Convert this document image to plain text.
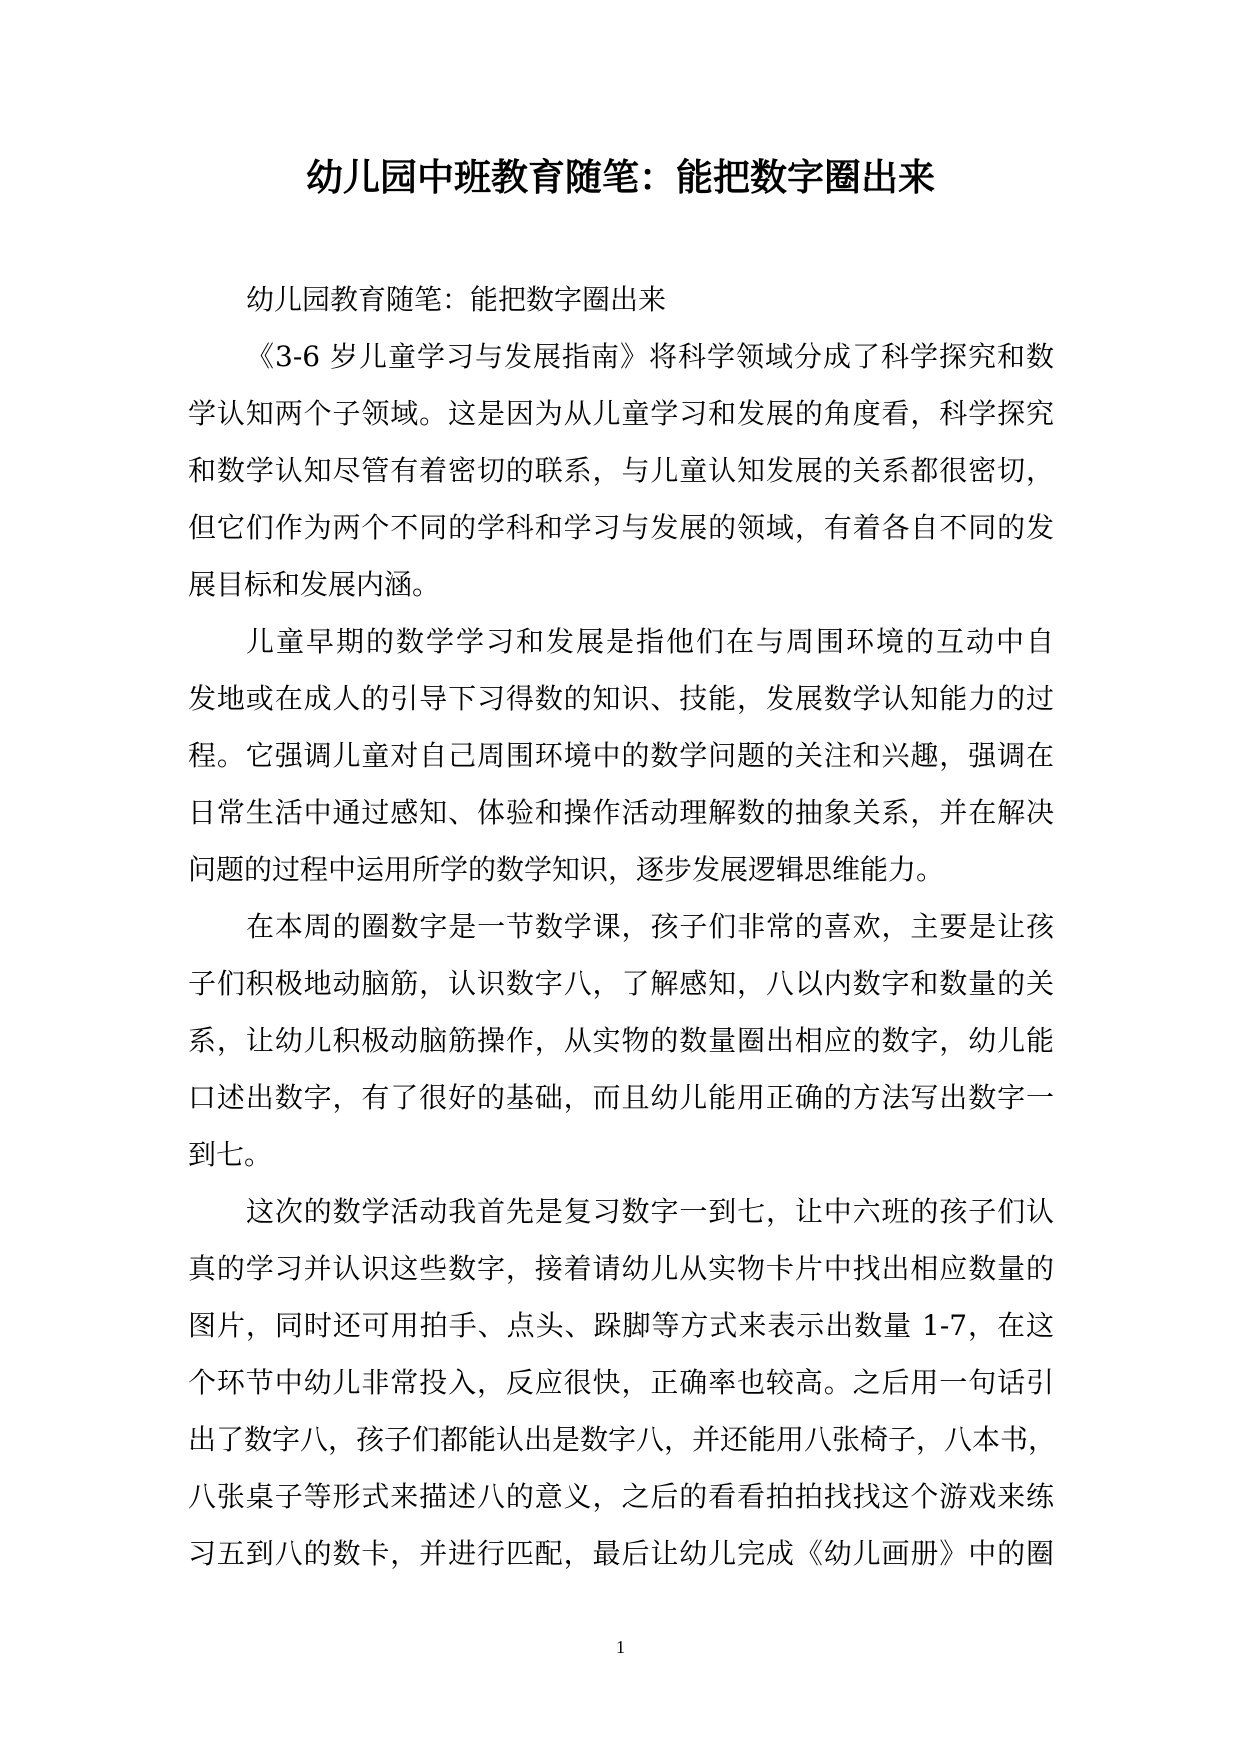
幼儿园中班教育随笔：能把数字圈出来
幼儿园教育随笔：能把数字圈出来
《3-6 岁儿童学习与发展指南》将科学领域分成了科学探究和数
学认知两个子领域。这是因为从儿童学习和发展的角度看，科学探究
和数学认知尽管有着密切的联系，与儿童认知发展的关系都很密切，
但它们作为两个不同的学科和学习与发展的领域，有着各自不同的发
展目标和发展内涵。
儿童早期的数学学习和发展是指他们在与周围环境的互动中自
发地或在成人的引导下习得数的知识、技能，发展数学认知能力的过
程。它强调儿童对自己周围环境中的数学问题的关注和兴趣，强调在
日常生活中通过感知、体验和操作活动理解数的抽象关系，并在解决
问题的过程中运用所学的数学知识，逐步发展逻辑思维能力。
在本周的圈数字是一节数学课，孩子们非常的喜欢，主要是让孩
子们积极地动脑筋，认识数字八，了解感知，八以内数字和数量的关
系，让幼儿积极动脑筋操作，从实物的数量圈出相应的数字，幼儿能
口述出数字，有了很好的基础，而且幼儿能用正确的方法写出数字一
到七。
这次的数学活动我首先是复习数字一到七，让中六班的孩子们认
真的学习并认识这些数字，接着请幼儿从实物卡片中找出相应数量的
图片，同时还可用拍手、点头、跺脚等方式来表示出数量 1-7，在这
个环节中幼儿非常投入，反应很快，正确率也较高。之后用一句话引
出了数字八，孩子们都能认出是数字八，并还能用八张椅子，八本书，
八张桌子等形式来描述八的意义，之后的看看拍拍找找这个游戏来练
习五到八的数卡，并进行匹配，最后让幼儿完成《幼儿画册》中的圈
1
